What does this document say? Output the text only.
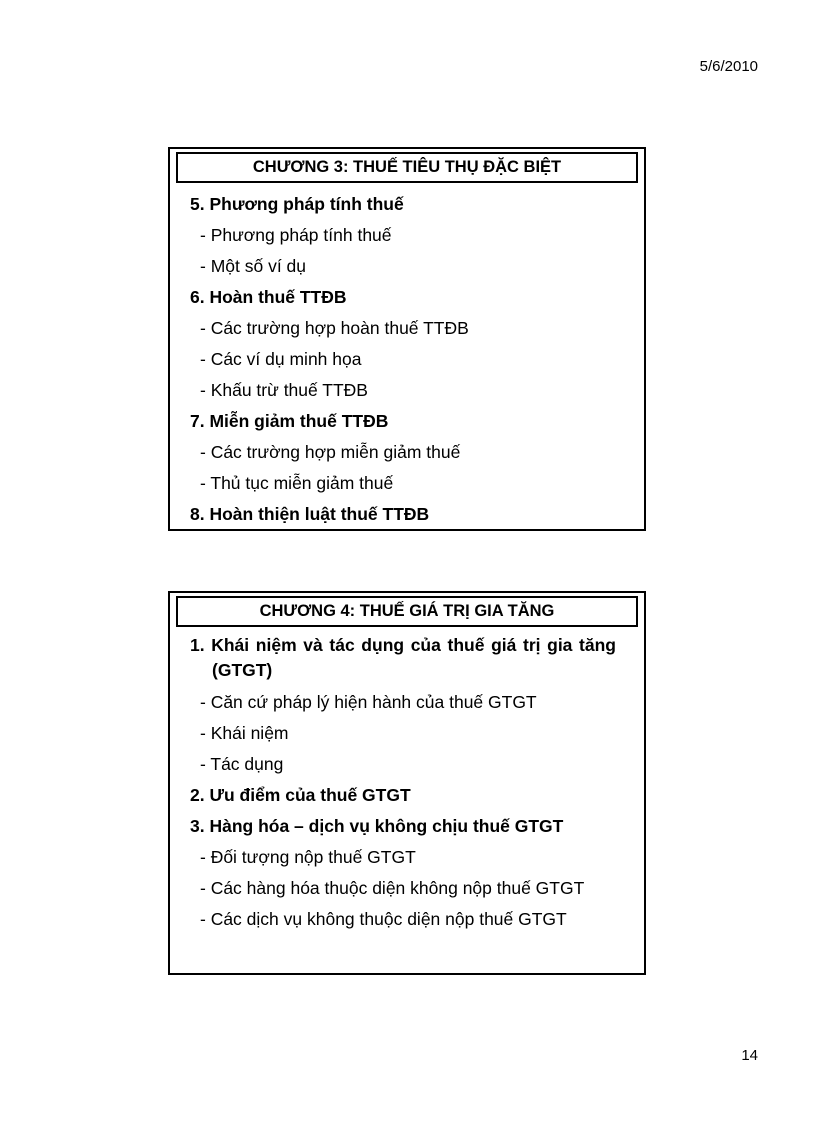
5/6/2010
CHƯƠNG 3: THUẾ TIÊU THỤ ĐẶC BIỆT
5. Phương pháp tính thuế
- Phương pháp tính thuế
- Một số ví dụ
6. Hoàn thuế TTĐB
- Các trường hợp hoàn thuế TTĐB
- Các ví dụ minh họa
- Khấu trừ thuế TTĐB
7. Miễn giảm thuế TTĐB
- Các trường hợp miễn giảm thuế
- Thủ tục miễn giảm thuế
8. Hoàn thiện luật thuế TTĐB
CHƯƠNG 4: THUẾ GIÁ TRỊ GIA TĂNG
1. Khái niệm và tác dụng của thuế giá trị gia tăng (GTGT)
- Căn cứ pháp lý hiện hành của thuế GTGT
- Khái niệm
- Tác dụng
2. Ưu điểm của thuế GTGT
3. Hàng hóa – dịch vụ không chịu thuế GTGT
- Đối tượng nộp thuế GTGT
- Các hàng hóa thuộc diện không nộp thuế GTGT
- Các dịch vụ không thuộc diện nộp thuế GTGT
14
